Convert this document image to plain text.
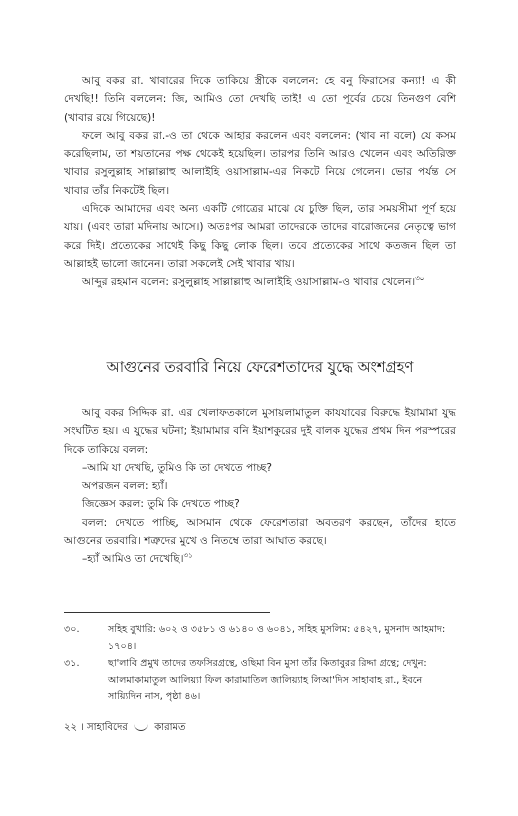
আবু বকর রা. খাবারের দিকে তাকিয়ে স্ত্রীকে বললেন: হে বনু ফিরাসের কন্যা! এ কী দেখছি!! তিনি বললেন: জি, আমিও তো দেখছি তাই! এ তো পূর্বের চেয়ে তিনগুণ বেশি (খাবার রয়ে গিয়েছে)!

ফলে আবু বকর রা.-ও তা থেকে আহার করলেন এবং বললেন: (খাব না বলে) যে কসম করেছিলাম, তা শয়তানের পক্ষ থেকেই হয়েছিল। তারপর তিনি আরও খেলেন এবং অতিরিক্ত খাবার রসুলুল্লাহ সাল্লাল্লাহু আলাইহি ওয়াসাল্লাম-এর নিকটে নিয়ে গেলেন। ভোর পর্যন্ত সে খাবার তাঁর নিকটেই ছিল।

এদিকে আমাদের এবং অন্য একটি গোত্রের মাঝে যে চুক্তি ছিল, তার সময়সীমা পূর্ণ হয়ে যায়। (এবং তারা মদিনায় আসে।) অতঃপর আমরা তাদেরকে তাদের বারোজনের নেতৃত্বে ভাগ করে দিই। প্রত্যেকের সাথেই কিছু কিছু লোক ছিল। তবে প্রত্যেকের সাথে কতজন ছিল তা আল্লাহই ভালো জানেন। তারা সকলেই সেই খাবার খায়।

আব্দুর রহমান বলেন: রসুলুল্লাহ সাল্লাল্লাহু আলাইহি ওয়াসাল্লাম-ও খাবার খেলেন।$^{৩০}$

আগুনের তরবারি নিয়ে ফেরেশতাদের যুদ্ধে অংশগ্রহণ

আবু বকর সিদ্দিক রা. এর খেলাফতকালে মুসায়লামাতুল কাযযাবের বিরুদ্ধে ইয়ামামা যুদ্ধ সংঘটিত হয়। এ যুদ্ধের ঘটনা; ইয়ামামার বনি ইয়াশকুরের দুই বালক যুদ্ধের প্রথম দিন পরস্পরের দিকে তাকিয়ে বলল:

–আমি যা দেখছি, তুমিও কি তা দেখতে পাচ্ছ?

অপরজন বলল: হ্যাঁ।

জিজ্ঞেস করল: তুমি কি দেখতে পাচ্ছ?

বলল: দেখতে পাচ্ছি, আসমান থেকে ফেরেশতারা অবতরণ করছেন, তাঁদের হাতে আগুনের তরবারি। শত্রুদের মুখে ও নিতম্বে তারা আঘাত করছে।

–হ্যাঁ আমিও তা দেখেছি।$^{৩১}$

৩০.	সহিহ বুখারি: ৬০২ ও ৩৫৮১ ও ৬১৪০ ও ৬০৪১, সহিহ মুসলিম: ৫৪২৭, মুসনাদ আহমাদ: ১৭০৪।
৩১.	ছা'লাবি প্রমুখ তাদের তফসিরগ্রন্থে, ওছিমা বিন মুসা তাঁর কিতাবুরর রিদ্দা গ্রন্থে; দেখুন: আলমাকামাতুল আলিয়্যা ফিল কারামাতিল জালিয়্যাহ লিআ'দিস সাহাবাহ রা., ইবনে সায়্যিদিন নাস, পৃষ্ঠা ৪৬।
২২ । সাহাবিদের	কারামত
